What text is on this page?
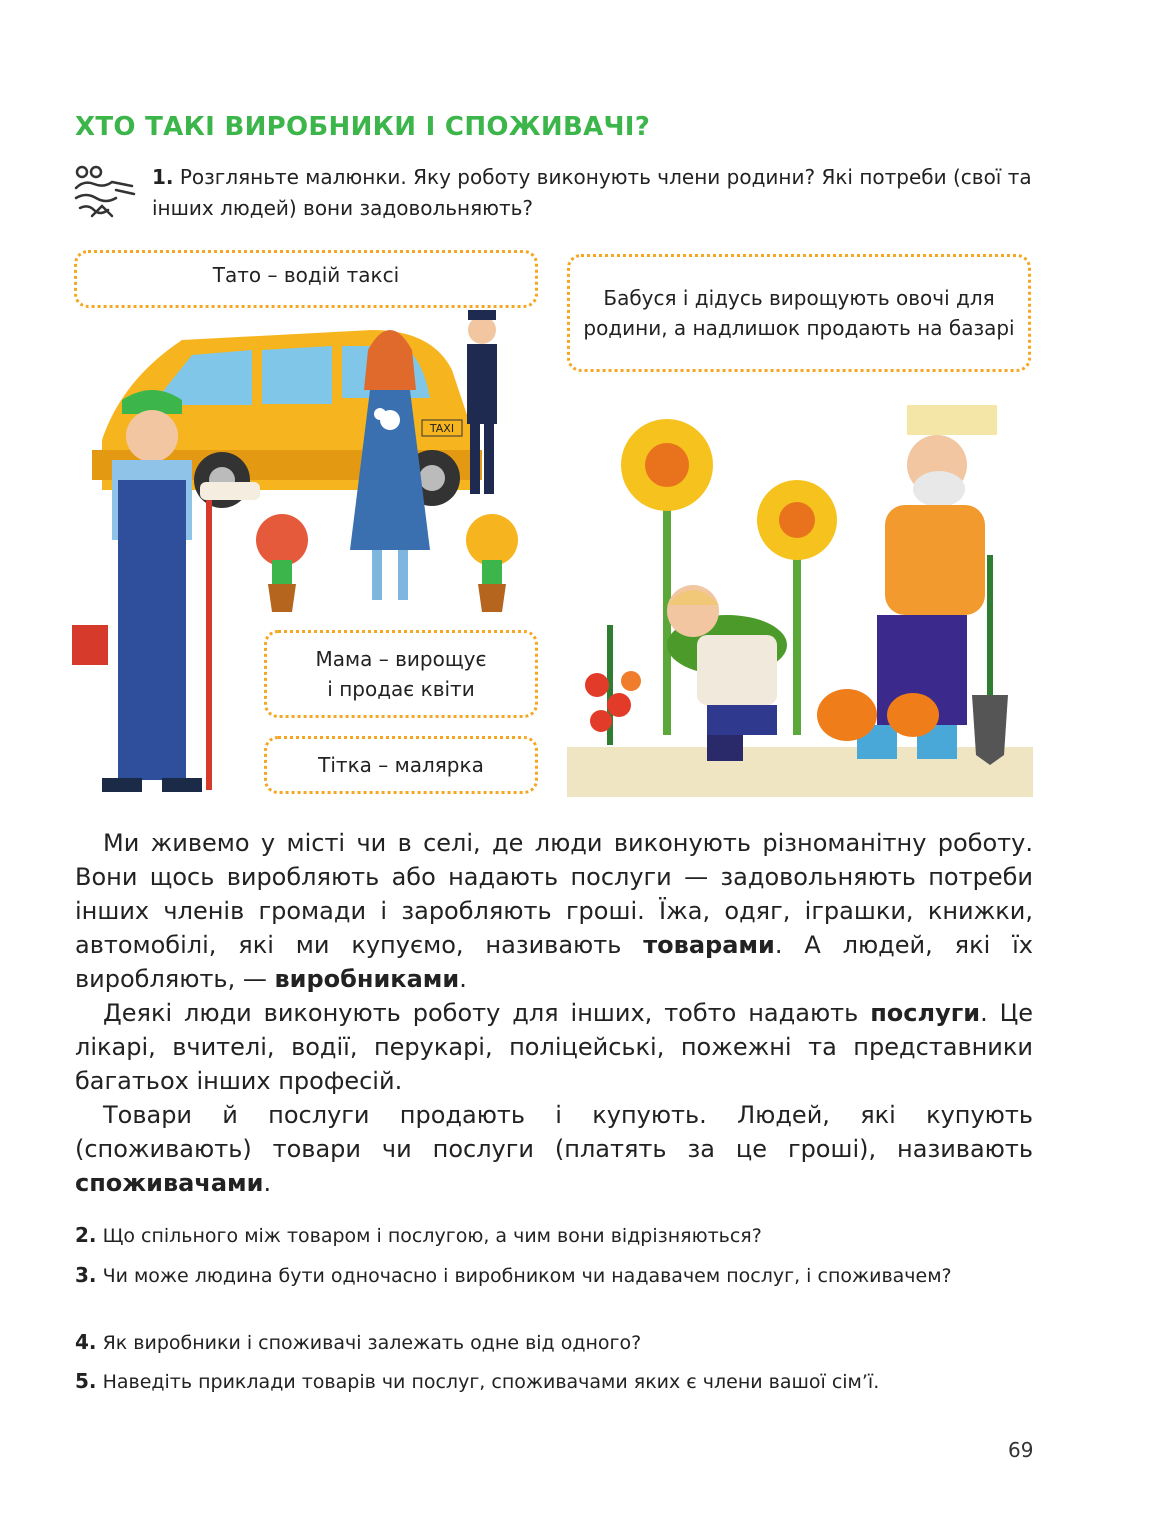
ХТО ТАКІ ВИРОБНИКИ І СПОЖИВАЧІ?
1. Розгляньте малюнки. Яку роботу виконують члени родини? Які потреби (свої та інших людей) вони задовольняють?
TAXI
Тато – водій таксі
Бабуся і дідусь вирощують овочі для родини, а надлишок продають на базарі
Мама – вирощує
і продає квіти
Тітка – малярка
Ми живемо у місті чи в селі, де люди виконують різноманітну роботу. Вони щось виробляють або надають послуги — задовольняють потреби інших членів громади і заробляють гроші. Їжа, одяг, іграшки, книжки, автомобілі, які ми купуємо, називають товарами. А людей, які їх виробляють, — виробниками.
Деякі люди виконують роботу для інших, тобто надають послуги. Це лікарі, вчителі, водії, перукарі, поліцейські, пожежні та представники багатьох інших професій.
Товари й послуги продають і купують. Людей, які купують (споживають) товари чи послуги (платять за це гроші), називають споживачами.
2. Що спільного між товаром і послугою, а чим вони відрізняються?
3. Чи може людина бути одночасно і виробником чи надавачем послуг, і споживачем?
4. Як виробники і споживачі залежать одне від одного?
5. Наведіть приклади товарів чи послуг, споживачами яких є члени вашої сім’ї.
69
